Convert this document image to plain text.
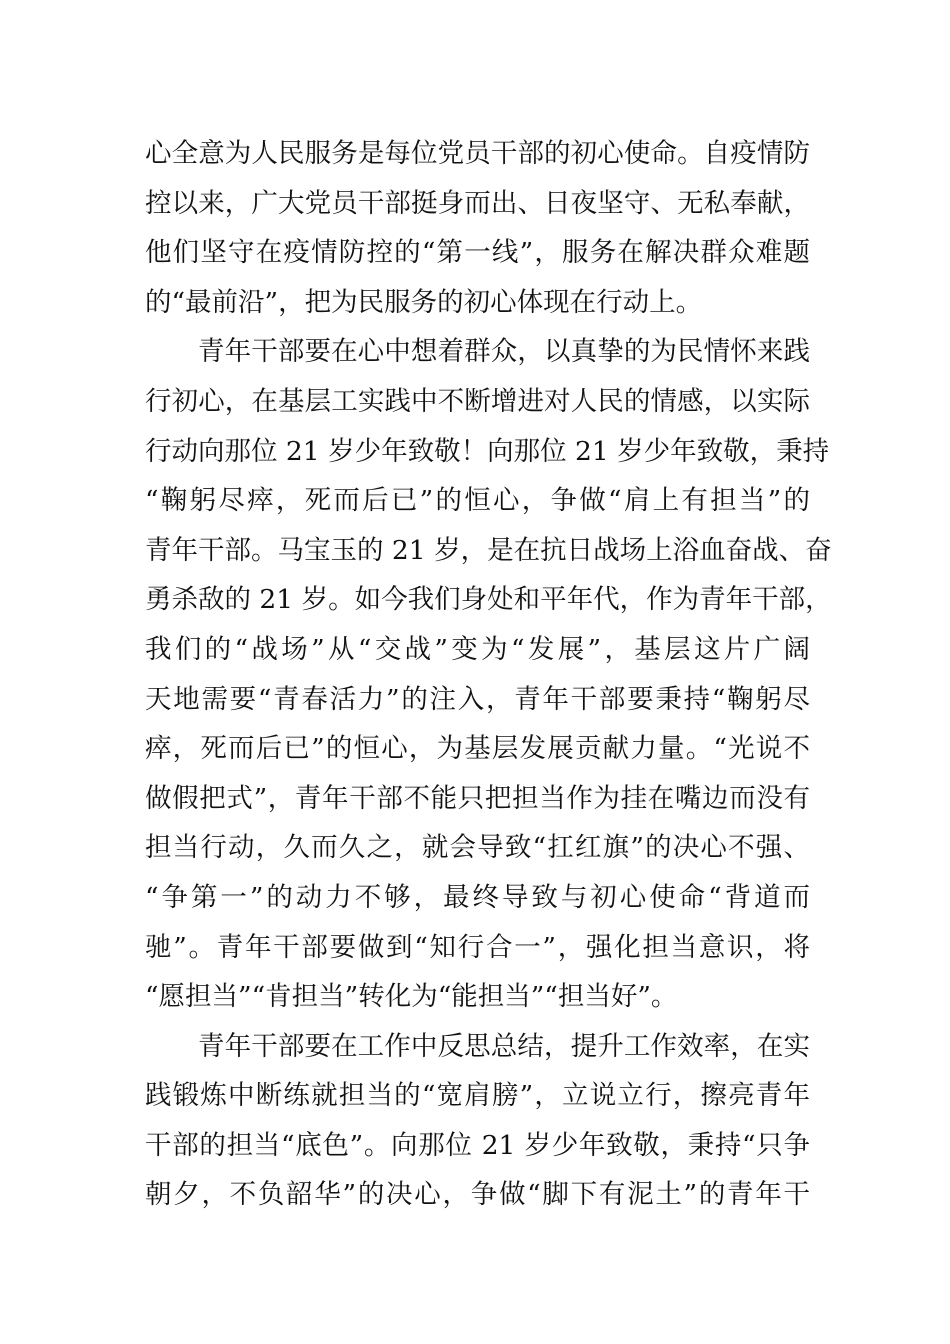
心全意为人民服务是每位党员干部的初心使命。自疫情防
控以来，广大党员干部挺身而出、日夜坚守、无私奉献，
他们坚守在疫情防控的“第一线”，服务在解决群众难题
的“最前沿”，把为民服务的初心体现在行动上。
青年干部要在心中想着群众，以真挚的为民情怀来践
行初心，在基层工实践中不断增进对人民的情感，以实际
行动向那位 21 岁少年致敬！向那位 21 岁少年致敬，秉持
“鞠躬尽瘁，死而后已”的恒心，争做“肩上有担当”的
青年干部。马宝玉的 21 岁，是在抗日战场上浴血奋战、奋
勇杀敌的 21 岁。如今我们身处和平年代，作为青年干部，
我们的“战场”从“交战”变为“发展”，基层这片广阔
天地需要“青春活力”的注入，青年干部要秉持“鞠躬尽
瘁，死而后已”的恒心，为基层发展贡献力量。“光说不
做假把式”，青年干部不能只把担当作为挂在嘴边而没有
担当行动，久而久之，就会导致“扛红旗”的决心不强、
“争第一”的动力不够，最终导致与初心使命“背道而
驰”。青年干部要做到“知行合一”，强化担当意识，将
“愿担当”“肯担当”转化为“能担当”“担当好”。
青年干部要在工作中反思总结，提升工作效率，在实
践锻炼中断练就担当的“宽肩膀”，立说立行，擦亮青年
干部的担当“底色”。向那位 21 岁少年致敬，秉持“只争
朝夕，不负韶华”的决心，争做“脚下有泥土”的青年干
